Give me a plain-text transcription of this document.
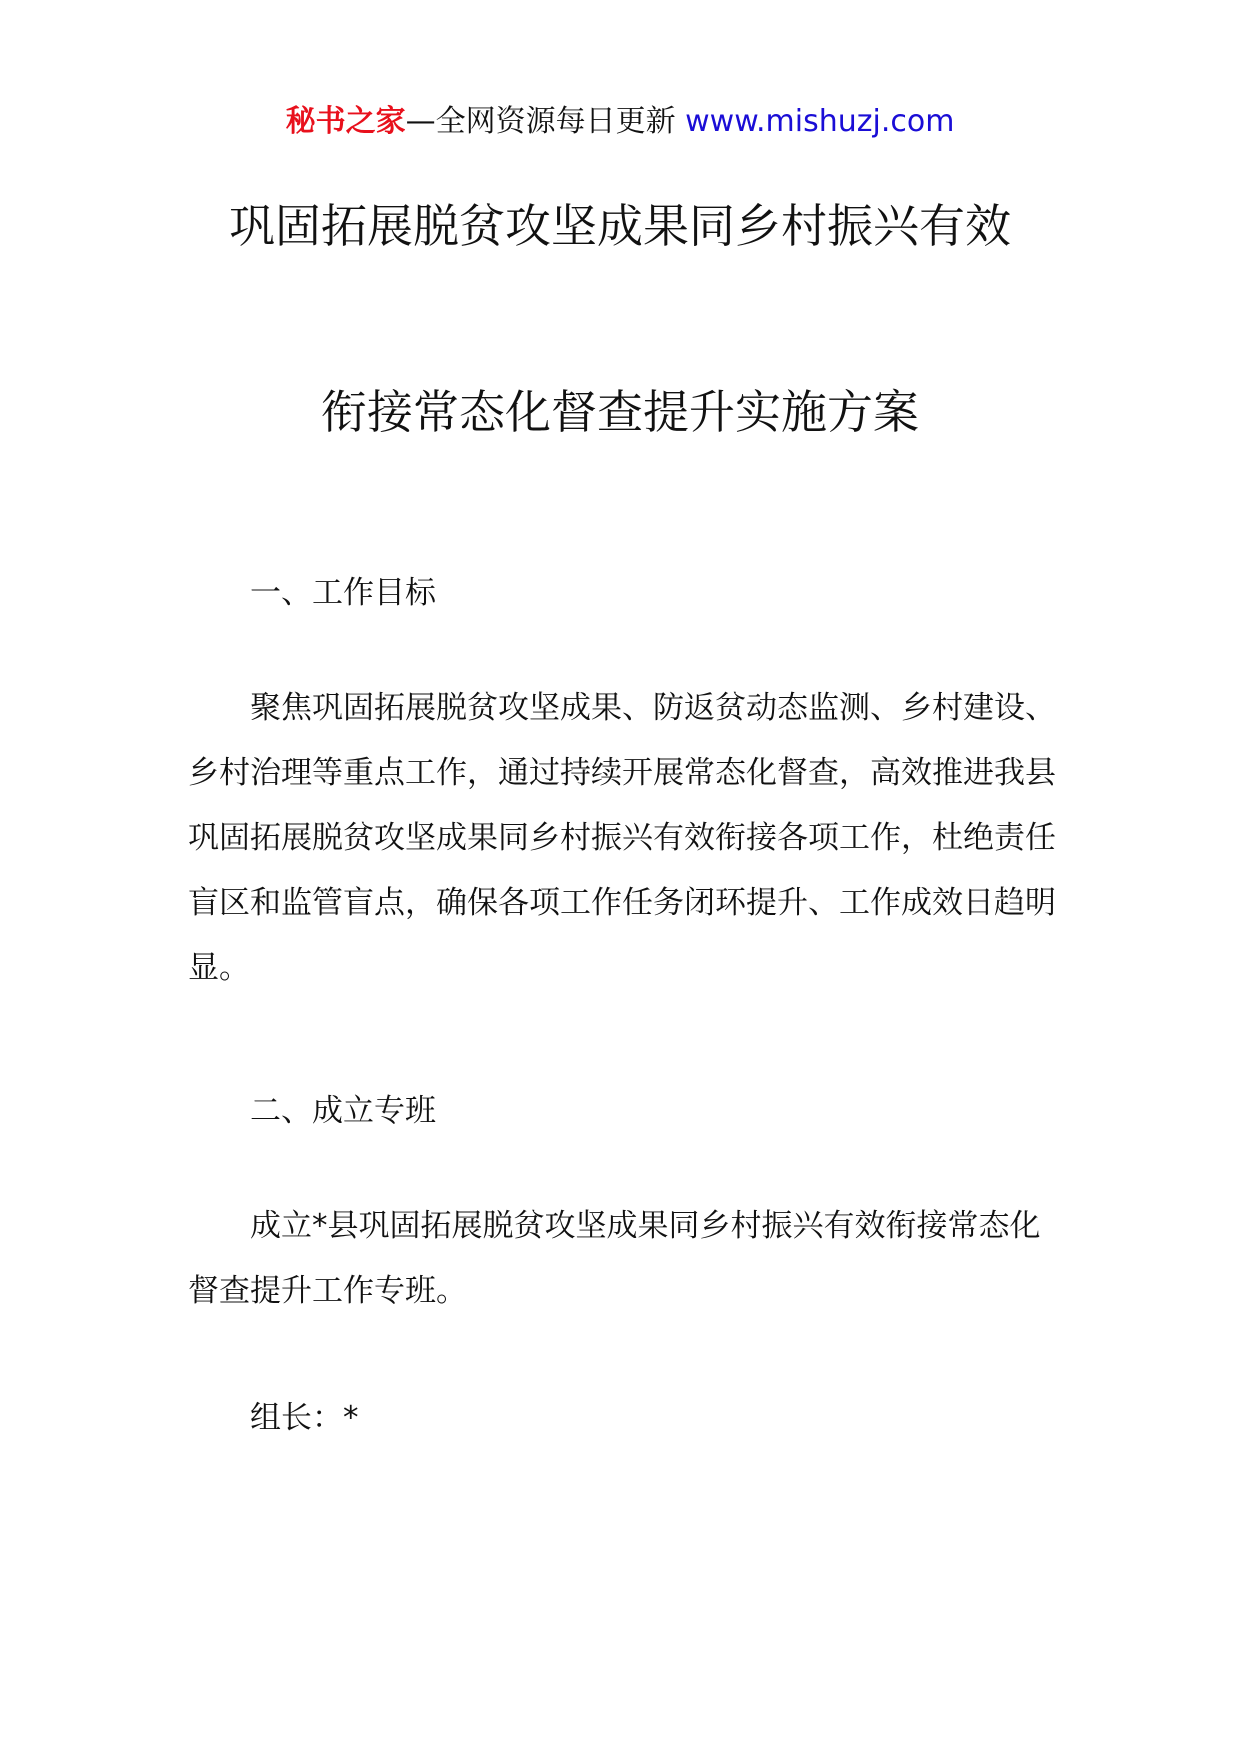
秘书之家—全网资源每日更新 www.mishuzj.com
巩固拓展脱贫攻坚成果同乡村振兴有效
衔接常态化督查提升实施方案
一、工作目标
聚焦巩固拓展脱贫攻坚成果、防返贫动态监测、乡村建设、乡村治理等重点工作，通过持续开展常态化督查，高效推进我县巩固拓展脱贫攻坚成果同乡村振兴有效衔接各项工作，杜绝责任盲区和监管盲点，确保各项工作任务闭环提升、工作成效日趋明显。
二、成立专班
成立*县巩固拓展脱贫攻坚成果同乡村振兴有效衔接常态化督查提升工作专班。
组长：*
